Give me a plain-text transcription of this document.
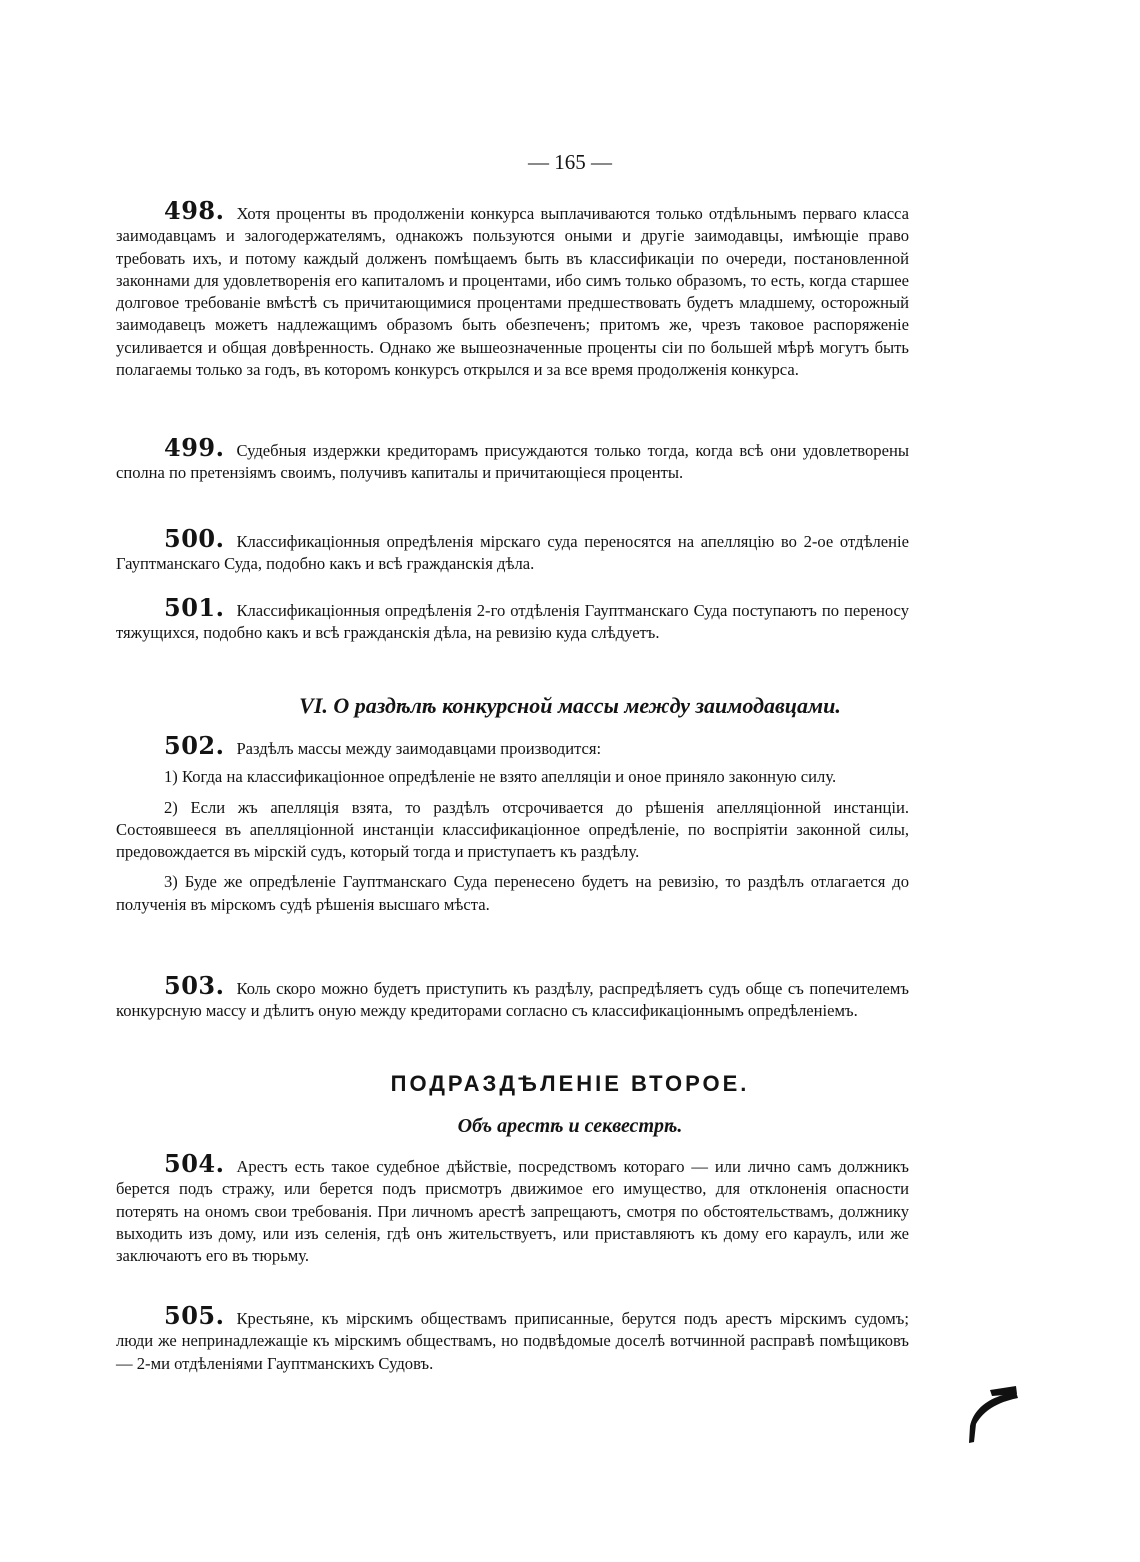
— 165 —

498. Хотя проценты въ продолженіи конкурса выплачиваются только отдѣльнымъ перваго класса заимодавцамъ и залогодержателямъ, однакожъ пользуются оными и другіе заимодавцы, имѣющіе право требовать ихъ, и потому каждый долженъ помѣщаемъ быть въ классификаціи по очереди, постановленной законнами для удовлетворенія его капиталомъ и процентами, ибо симъ только образомъ, то есть, когда старшее долговое требованіе вмѣстѣ съ причитающимися процентами предшествовать будетъ младшему, осторожный заимодавецъ можетъ надлежащимъ образомъ быть обезпеченъ; притомъ же, чрезъ таковое распоряженіе усиливается и общая довѣренность. Однако же вышеозначенные проценты сіи по большей мѣрѣ могутъ быть полагаемы только за годъ, въ которомъ конкурсъ открылся и за все время продолженія конкурса.

499. Судебныя издержки кредиторамъ присуждаются только тогда, когда всѣ они удовлетворены сполна по претензіямъ своимъ, получивъ капиталы и причитающіеся проценты.

500. Классификаціонныя опредѣленія мірскаго суда переносятся на апелляцію во 2-ое отдѣленіе Гауптманскаго Суда, подобно какъ и всѣ гражданскія дѣла.

501. Классификаціонныя опредѣленія 2-го отдѣленія Гауптманскаго Суда поступаютъ по переносу тяжущихся, подобно какъ и всѣ гражданскія дѣла, на ревизію куда слѣдуетъ.

VI. О раздѣлѣ конкурсной массы между заимодавцами.

502. Раздѣлъ массы между заимодавцами производится:

1) Когда на классификаціонное опредѣленіе не взято апелляціи и оное приняло законную силу.

2) Если жъ апелляція взята, то раздѣлъ отсрочивается до рѣшенія апелляціонной инстанціи. Состоявшееся въ апелляціонной инстанціи классификаціонное опредѣленіе, по воспріятіи законной силы, предовождается въ мірскій судъ, который тогда и приступаетъ къ раздѣлу.

3) Буде же опредѣленіе Гауптманскаго Суда перенесено будетъ на ревизію, то раздѣлъ отлагается до полученія въ мірскомъ судѣ рѣшенія высшаго мѣста.

503. Коль скоро можно будетъ приступить къ раздѣлу, распредѣляетъ судъ обще съ попечителемъ конкурсную массу и дѣлитъ оную между кредиторами согласно съ классификаціоннымъ опредѣленіемъ.

ПОДРАЗДѢЛЕНІЕ ВТОРОЕ.
Объ арестѣ и секвестрѣ.

504. Арестъ есть такое судебное дѣйствіе, посредствомъ котораго — или лично самъ должникъ берется подъ стражу, или берется подъ присмотръ движимое его имущество, для отклоненія опасности потерять на ономъ свои требованія. При личномъ арестѣ запрещаютъ, смотря по обстоятельствамъ, должнику выходить изъ дому, или изъ селенія, гдѣ онъ жительствуетъ, или приставляютъ къ дому его караулъ, или же заключаютъ его въ тюрьму.

505. Крестьяне, къ мірскимъ обществамъ приписанные, берутся подъ арестъ мірскимъ судомъ; люди же непринадлежащіе къ мірскимъ обществамъ, но подвѣдомые доселѣ вотчинной расправѣ помѣщиковъ — 2-ми отдѣленіями Гауптманскихъ Судовъ.
